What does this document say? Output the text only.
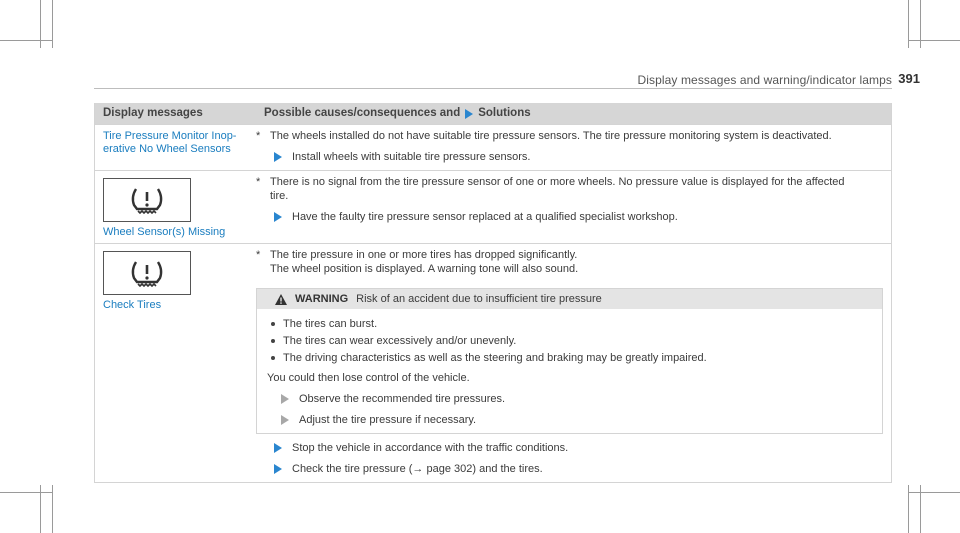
Display messages and warning/indicator lamps 391
Display messages	Possible causes/consequences and Solutions
Tire Pressure Monitor Inop-
erative No Wheel Sensors
* The wheels installed do not have suitable tire pressure sensors. The tire pressure monitoring system is deactivated.
Install wheels with suitable tire pressure sensors.
Wheel Sensor(s) Missing
* There is no signal from the tire pressure sensor of one or more wheels. No pressure value is displayed for the affected
tire.
Have the faulty tire pressure sensor replaced at a qualified specialist workshop.
Check Tires
* The tire pressure in one or more tires has dropped significantly.
The wheel position is displayed. A warning tone will also sound.
WARNING Risk of an accident due to insufficient tire pressure
The tires can burst.
The tires can wear excessively and/or unevenly.
The driving characteristics as well as the steering and braking may be greatly impaired.
You could then lose control of the vehicle.
Observe the recommended tire pressures.
Adjust the tire pressure if necessary.
Stop the vehicle in accordance with the traffic conditions.
Check the tire pressure (→ page 302) and the tires.
